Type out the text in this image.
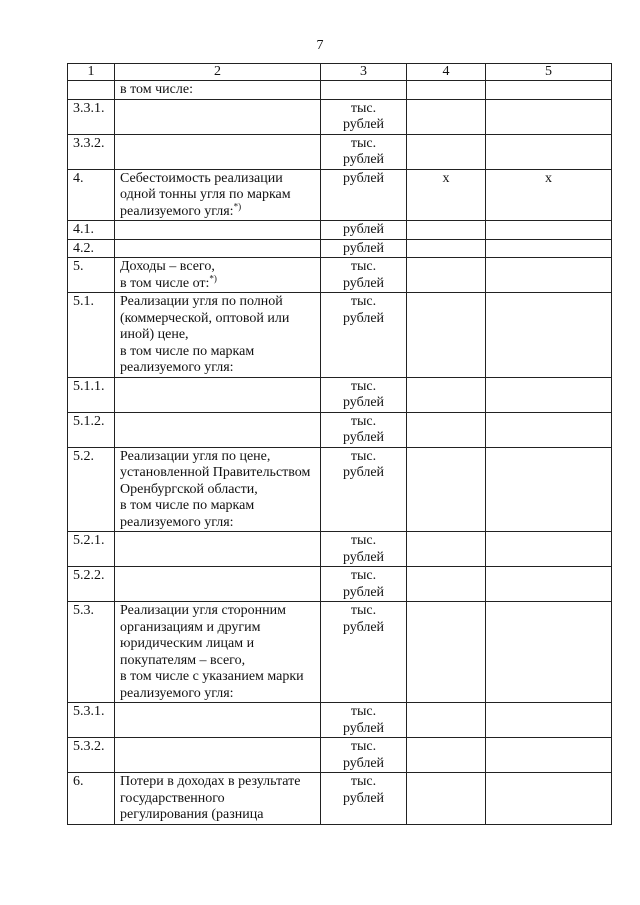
7
1	2	3	4	5
	в том числе:			
3.3.1.		тыс.
рублей		
3.3.2.		тыс.
рублей		
4.	Себестоимость реализации одной тонны угля по маркам реализуемого угля:*)	рублей	х	х
4.1.		рублей		
4.2.		рублей		
5.	Доходы – всего,
в том числе от:*)	тыс.
рублей		
5.1.	Реализации угля по полной (коммерческой, оптовой или иной) цене,
в том числе по маркам реализуемого угля:	тыс.
рублей		
5.1.1.		тыс.
рублей		
5.1.2.		тыс.
рублей		
5.2.	Реализации угля по цене, установленной Правительством Оренбургской области,
в том числе по маркам реализуемого угля:	тыс.
рублей		
5.2.1.		тыс.
рублей		
5.2.2.		тыс.
рублей		
5.3.	Реализации угля сторонним организациям и другим юридическим лицам и покупателям – всего,
в том числе с указанием марки реализуемого угля:	тыс.
рублей		
5.3.1.		тыс.
рублей		
5.3.2.		тыс.
рублей		
6.	Потери в доходах в результате государственного регулирования (разница	тыс.
рублей		
